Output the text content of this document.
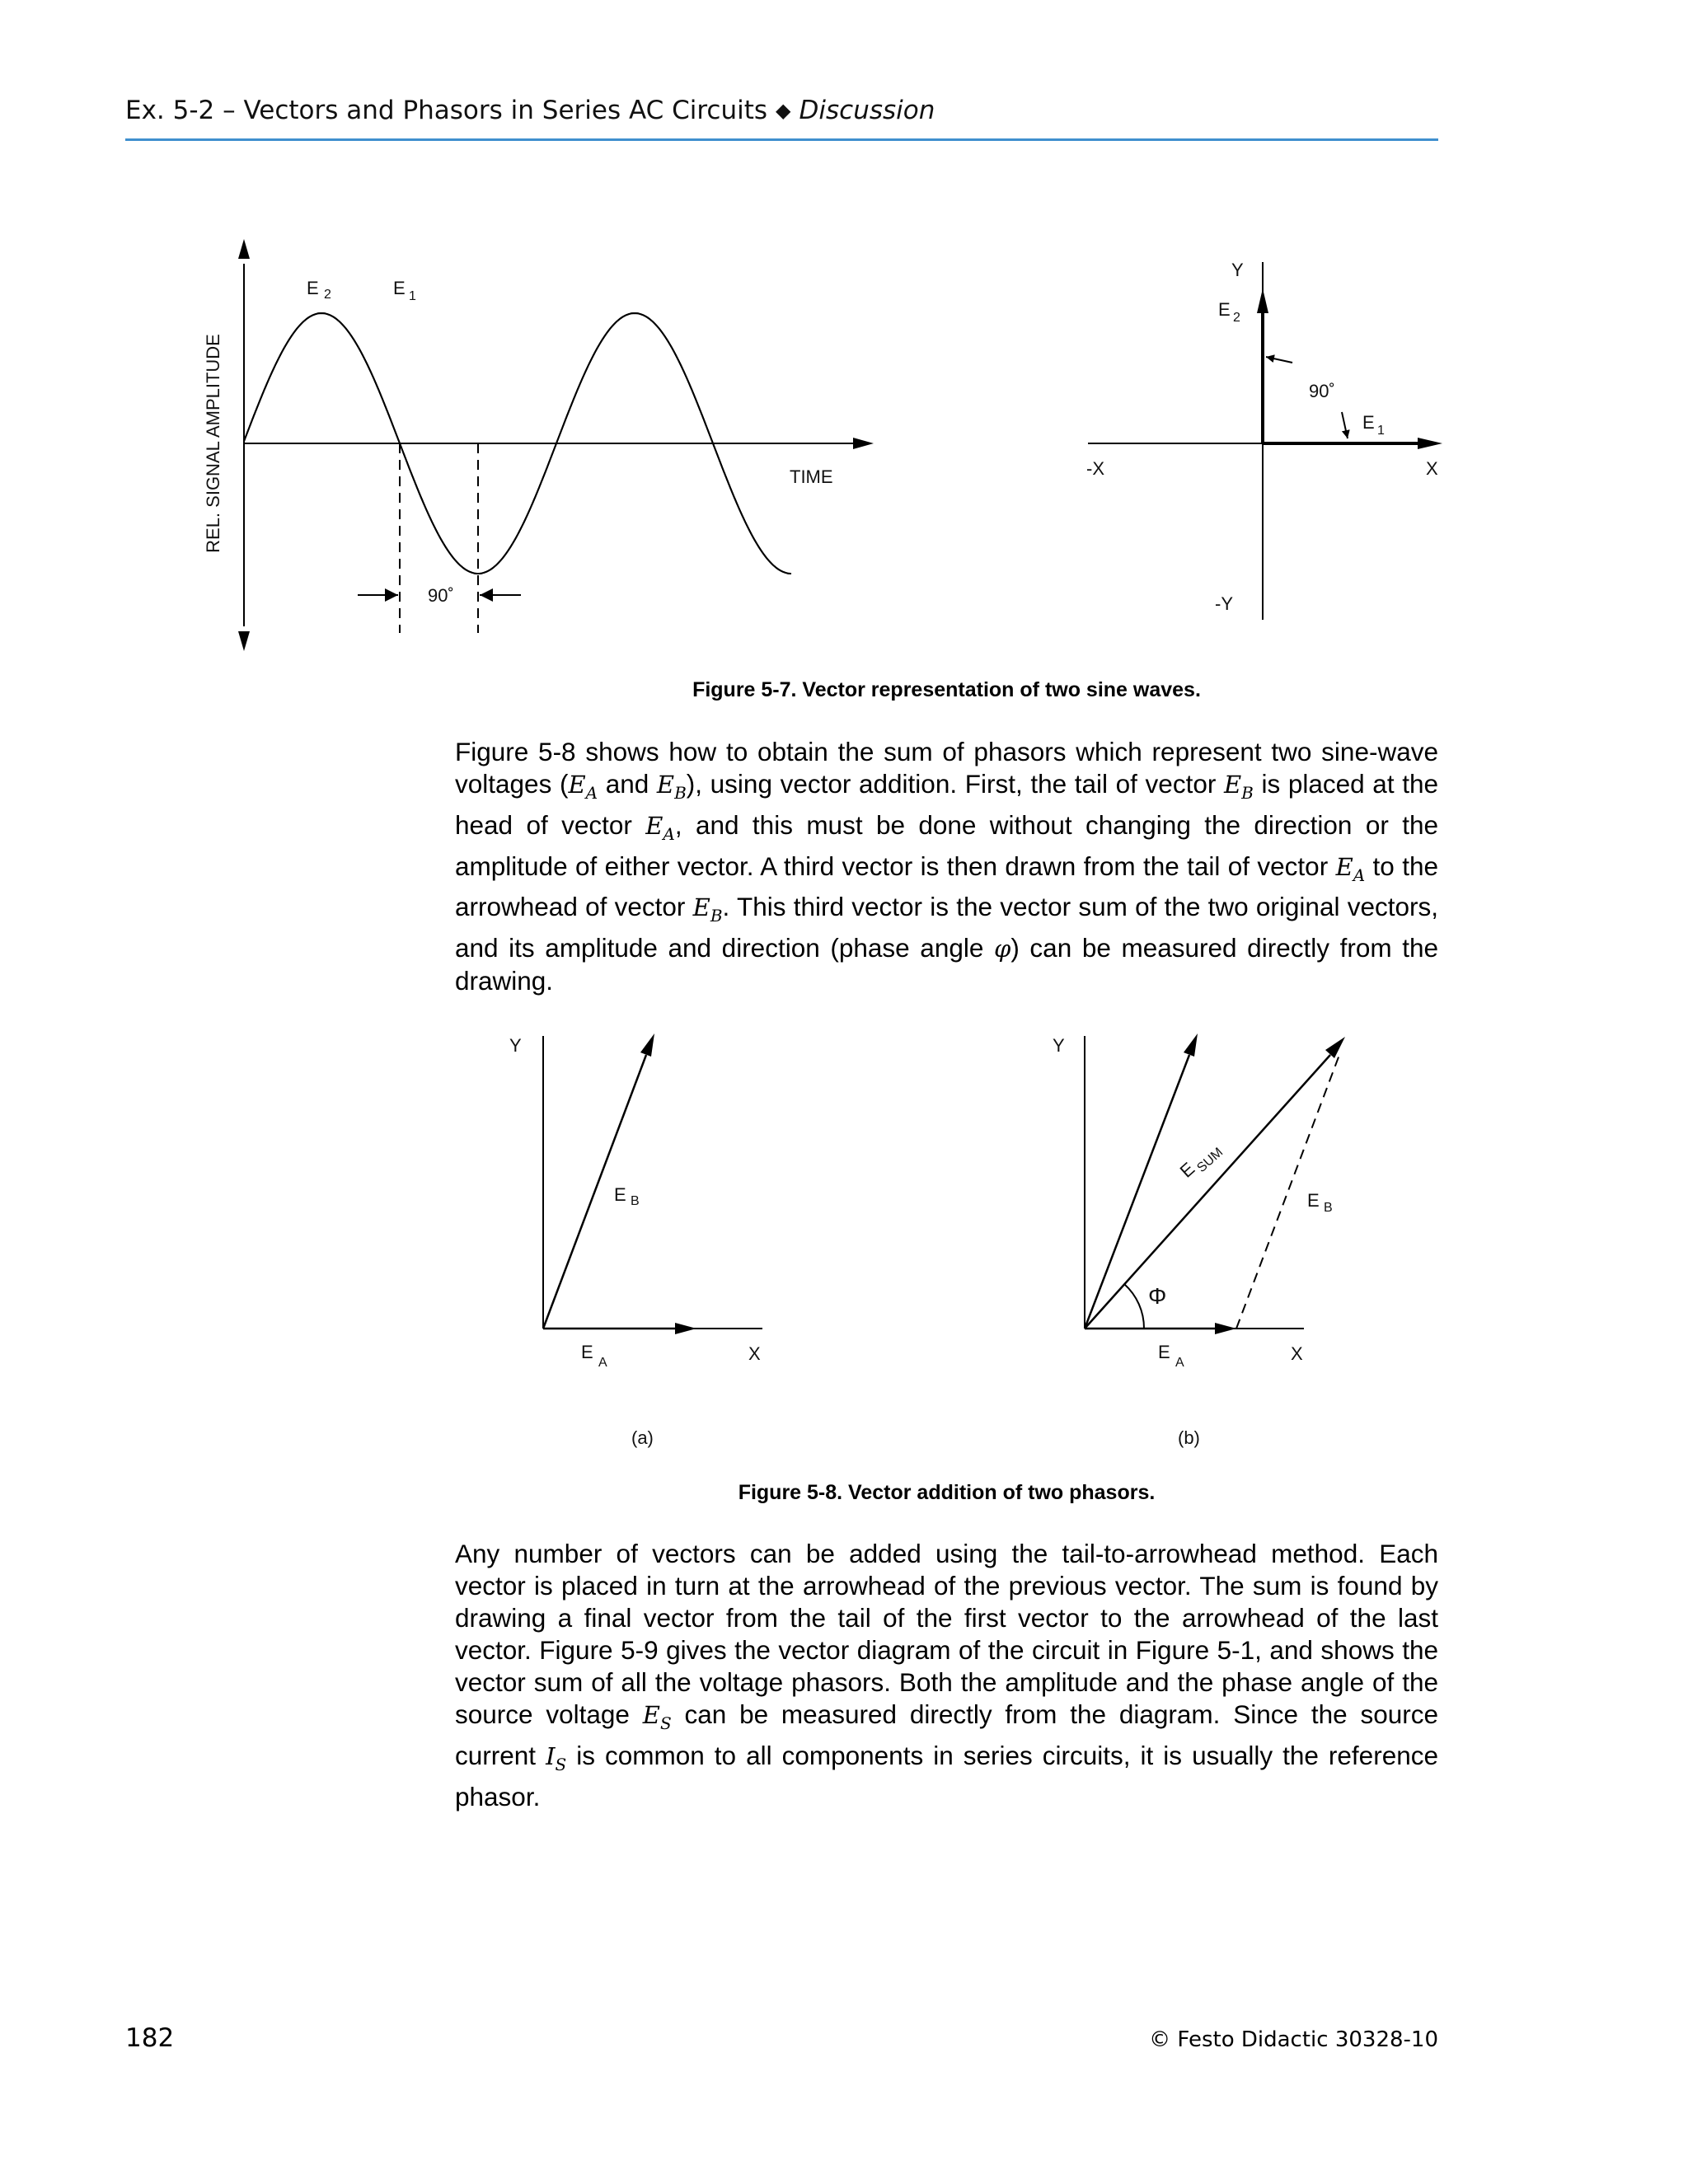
Ex. 5-2 – Vectors and Phasors in Series AC Circuits ◆ Discussion
90˚
E 2	E 1
TIME
REL. SIGNAL AMPLITUDE	90˚
Y
-Y
-X	X
E 2
E 1
Y
X
E B
E
A
(a)
Φ
Y
X
E
SUM
E B
E
A
(b)
Figure 5-7. Vector representation of two sine waves.

Figure 5-8 shows how to obtain the sum of phasors which represent two sine-wave voltages ($E_A$ and $E_B$), using vector addition. First, the tail of vector $E_B$ is placed at the head of vector $E_A$, and this must be done without changing the direction or the amplitude of either vector. A third vector is then drawn from the tail of vector $E_A$ to the arrowhead of vector $E_B$. This third vector is the vector sum of the two original vectors, and its amplitude and direction (phase angle φ) can be measured directly from the drawing.

Figure 5-8. Vector addition of two phasors.

Any number of vectors can be added using the tail-to-arrowhead method. Each vector is placed in turn at the arrowhead of the previous vector. The sum is found by drawing a final vector from the tail of the first vector to the arrowhead of the last vector. Figure 5-9 gives the vector diagram of the circuit in Figure 5-1, and shows the vector sum of all the voltage phasors. Both the amplitude and the phase angle of the source voltage $E_S$ can be measured directly from the diagram. Since the source current $I_S$ is common to all components in series circuits, it is usually the reference phasor.

182	© Festo Didactic 30328-10
